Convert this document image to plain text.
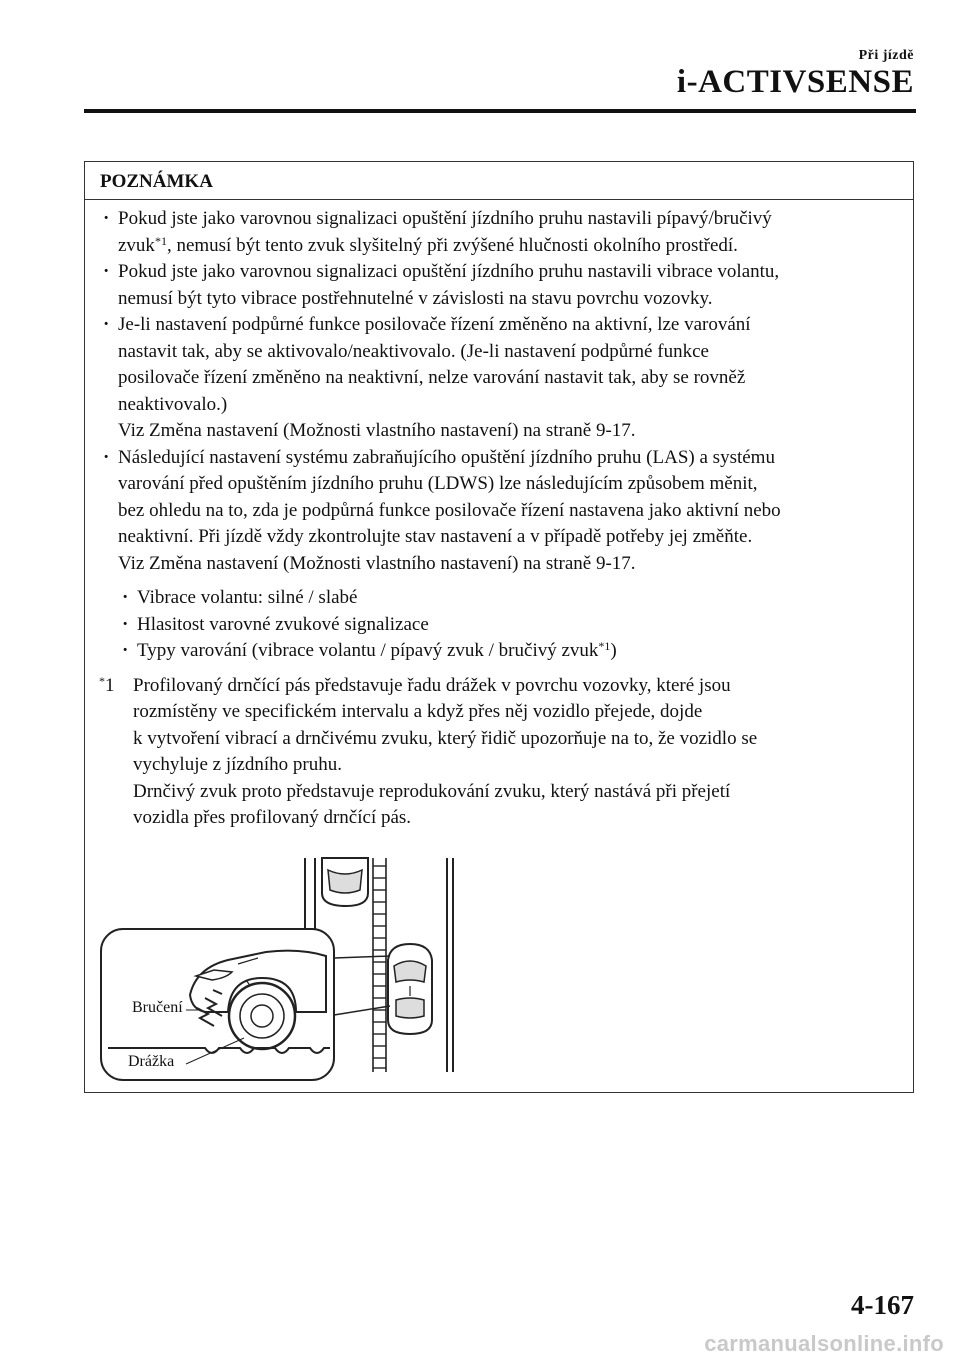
Při jízdě
i-ACTIVSENSE
POZNÁMKA
· Pokud jste jako varovnou signalizaci opuštění jízdního pruhu nastavili pípavý/bručivý
zvuk$^{*1}$, nemusí být tento zvuk slyšitelný při zvýšené hlučnosti okolního prostředí.
· Pokud jste jako varovnou signalizaci opuštění jízdního pruhu nastavili vibrace volantu,
nemusí být tyto vibrace postřehnutelné v závislosti na stavu povrchu vozovky.
· Je-li nastavení podpůrné funkce posilovače řízení změněno na aktivní, lze varování
nastavit tak, aby se aktivovalo/neaktivovalo. (Je-li nastavení podpůrné funkce
posilovače řízení změněno na neaktivní, nelze varování nastavit tak, aby se rovněž
neaktivovalo.)
Viz Změna nastavení (Možnosti vlastního nastavení) na straně 9-17.
· Následující nastavení systému zabraňujícího opuštění jízdního pruhu (LAS) a systému
varování před opuštěním jízdního pruhu (LDWS) lze následujícím způsobem měnit,
bez ohledu na to, zda je podpůrná funkce posilovače řízení nastavena jako aktivní nebo
neaktivní. Při jízdě vždy zkontrolujte stav nastavení a v případě potřeby jej změňte.
Viz Změna nastavení (Možnosti vlastního nastavení) na straně 9-17.
· Vibrace volantu: silné / slabé
· Hlasitost varovné zvukové signalizace
· Typy varování (vibrace volantu / pípavý zvuk / bručivý zvuk$^{*1}$)
*1 Profilovaný drnčící pás představuje řadu drážek v povrchu vozovky, které jsou
rozmístěny ve specifickém intervalu a když přes něj vozidlo přejede, dojde
k vytvoření vibrací a drnčivému zvuku, který řidič upozorňuje na to, že vozidlo se
vychyluje z jízdního pruhu.
Drnčivý zvuk proto představuje reprodukování zvuku, který nastává při přejetí
vozidla přes profilovaný drnčící pás.
Bručení
Drážka
4-167
carmanualsonline.info
